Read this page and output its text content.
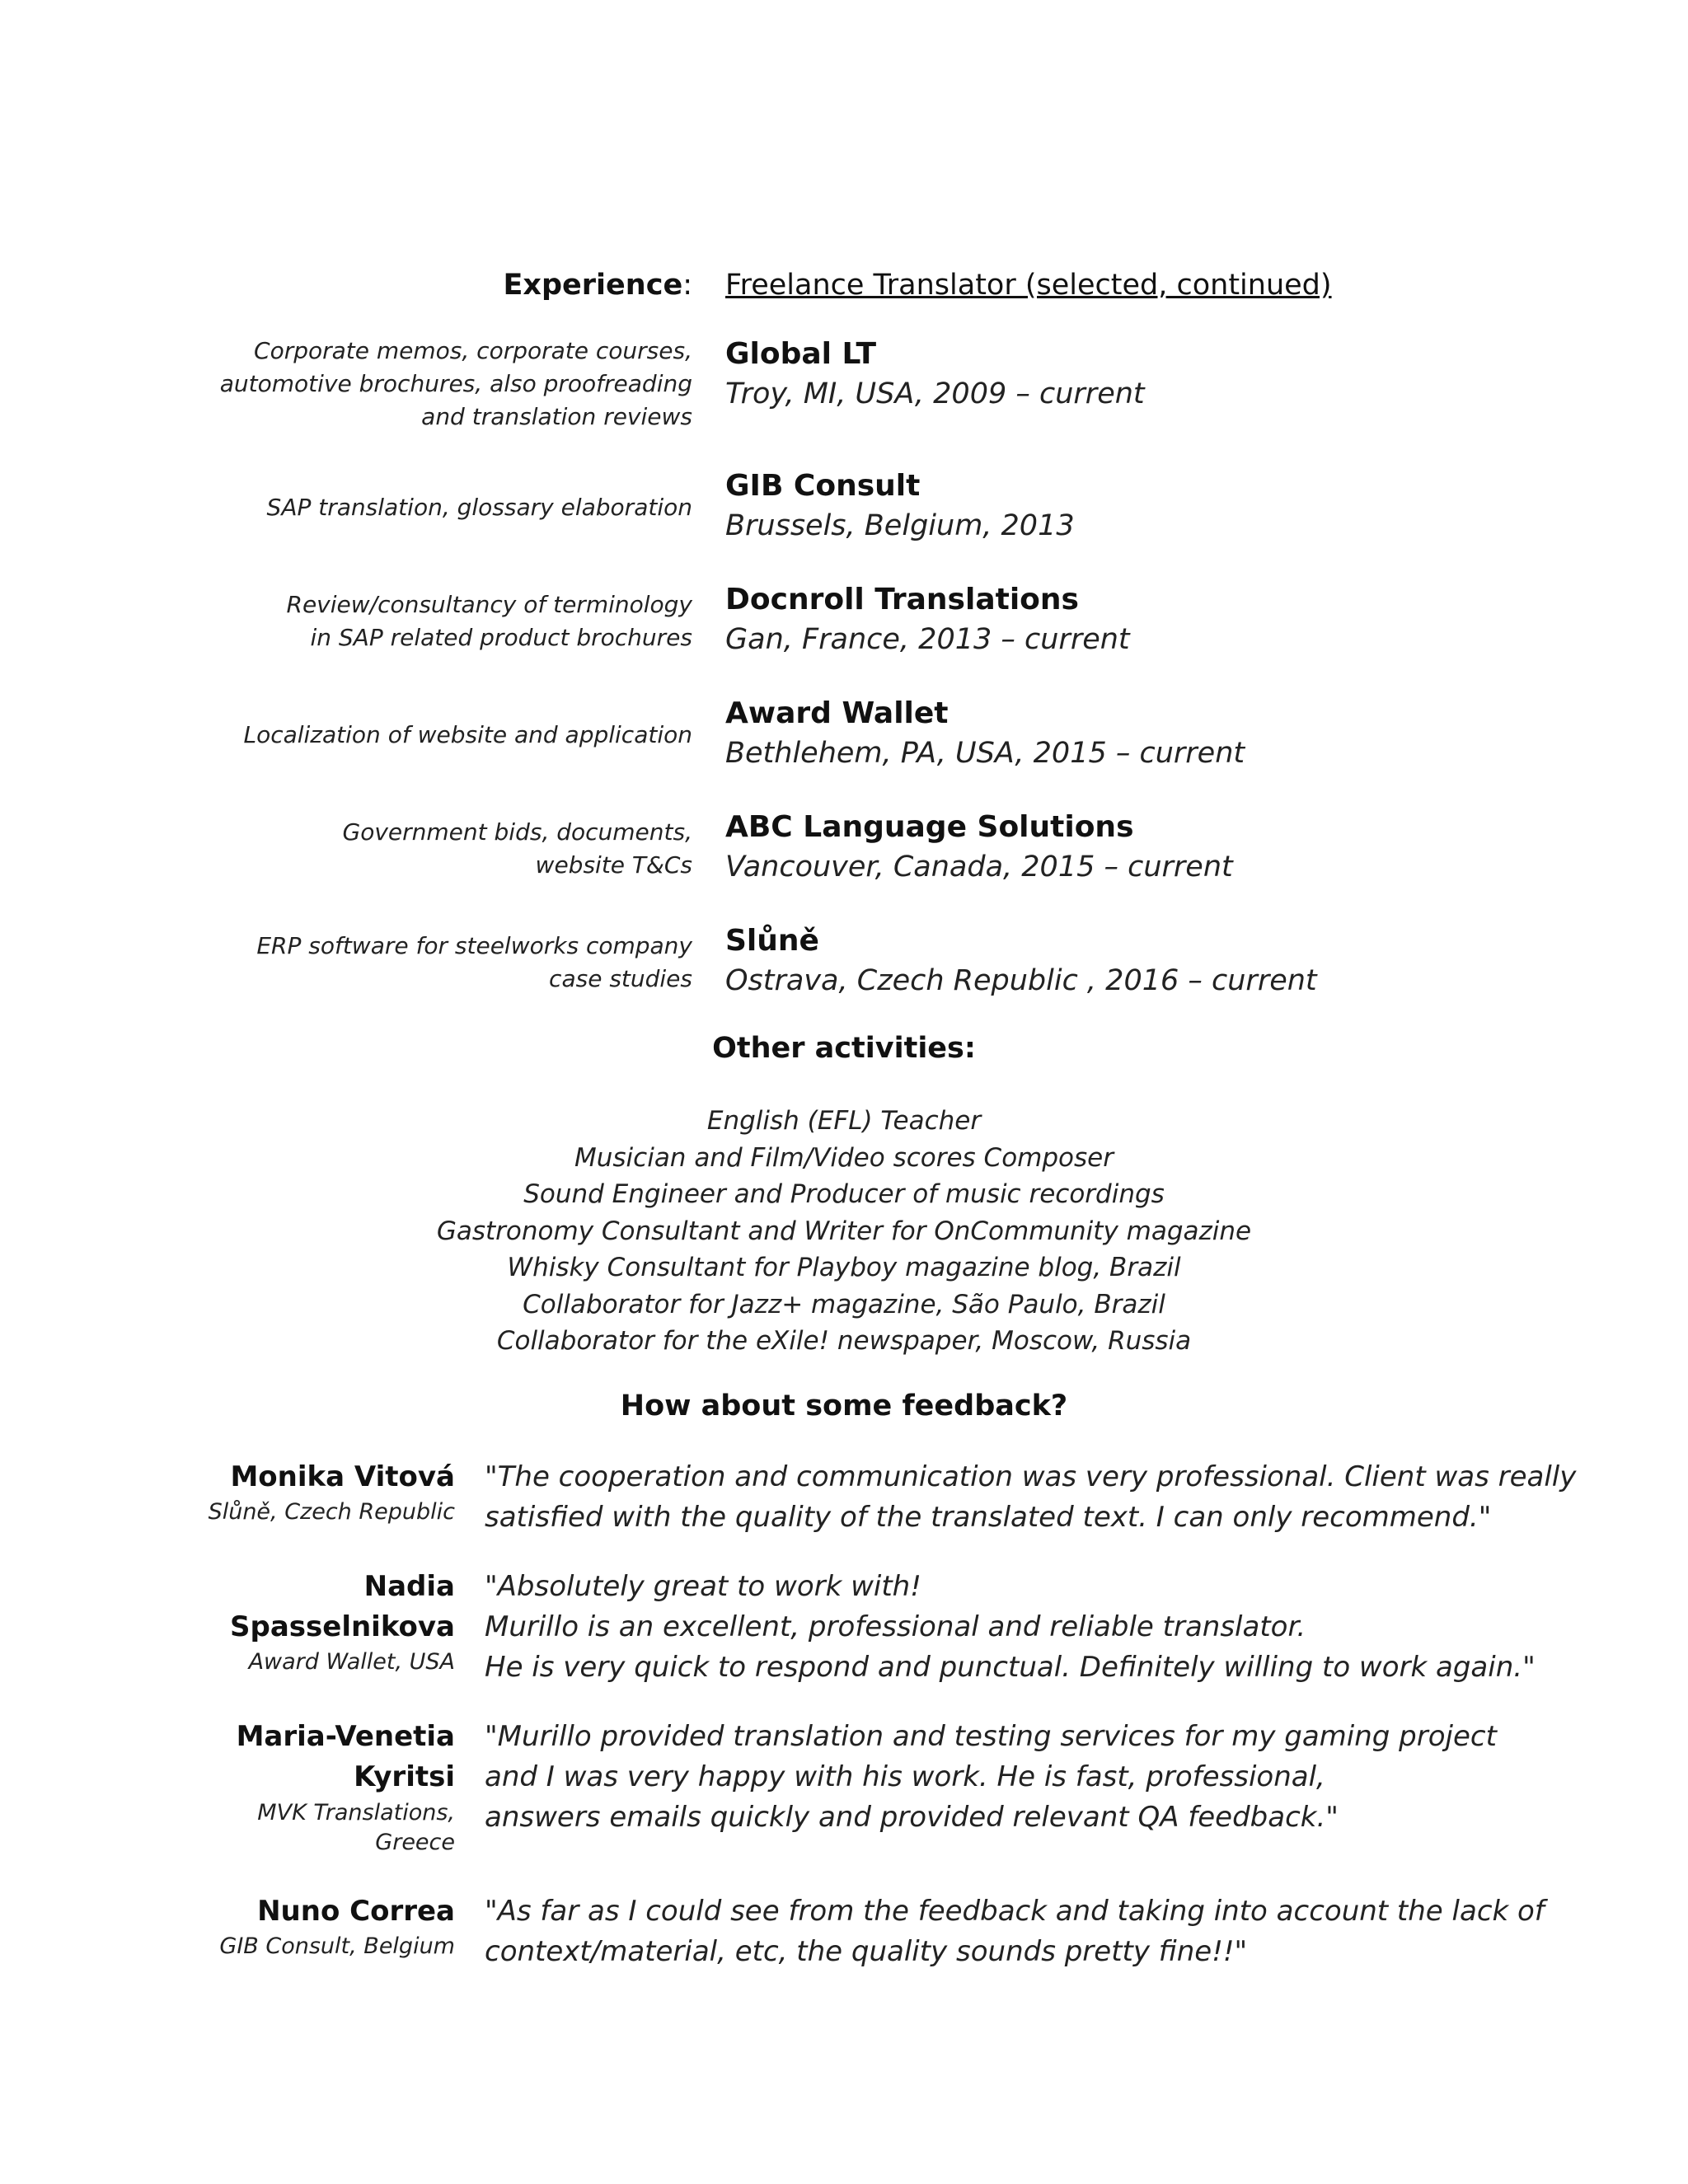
Experience: Freelance Translator (selected, continued)
Corporate memos, corporate courses,
automotive brochures, also proofreading
and translation reviews
Global LT
Troy, MI, USA, 2009 – current
SAP translation, glossary elaboration
GIB Consult
Brussels, Belgium, 2013
Review/consultancy of terminology
in SAP related product brochures
Docnroll Translations
Gan, France, 2013 – current
Localization of website and application
Award Wallet
Bethlehem, PA, USA, 2015 – current
Government bids, documents,
website T&Cs
ABC Language Solutions
Vancouver, Canada, 2015 – current
ERP software for steelworks company
case studies
Slůně
Ostrava, Czech Republic , 2016 – current
Other activities:
English (EFL) Teacher
Musician and Film/Video scores Composer
Sound Engineer and Producer of music recordings
Gastronomy Consultant and Writer for OnCommunity magazine
Whisky Consultant for Playboy magazine blog, Brazil
Collaborator for Jazz+ magazine, São Paulo, Brazil
Collaborator for the eXile! newspaper, Moscow, Russia
How about some feedback?
Monika Vitová
Slůně, Czech Republic
"The cooperation and communication was very professional. Client was really
satisfied with the quality of the translated text. I can only recommend."
Nadia
Spasselnikova
Award Wallet, USA
"Absolutely great to work with!
Murillo is an excellent, professional and reliable translator.
He is very quick to respond and punctual. Definitely willing to work again."
Maria-Venetia
Kyritsi
MVK Translations,
Greece
"Murillo provided translation and testing services for my gaming project
and I was very happy with his work. He is fast, professional,
answers emails quickly and provided relevant QA feedback."
Nuno Correa
GIB Consult, Belgium
"As far as I could see from the feedback and taking into account the lack of
context/material, etc, the quality sounds pretty fine!!"
